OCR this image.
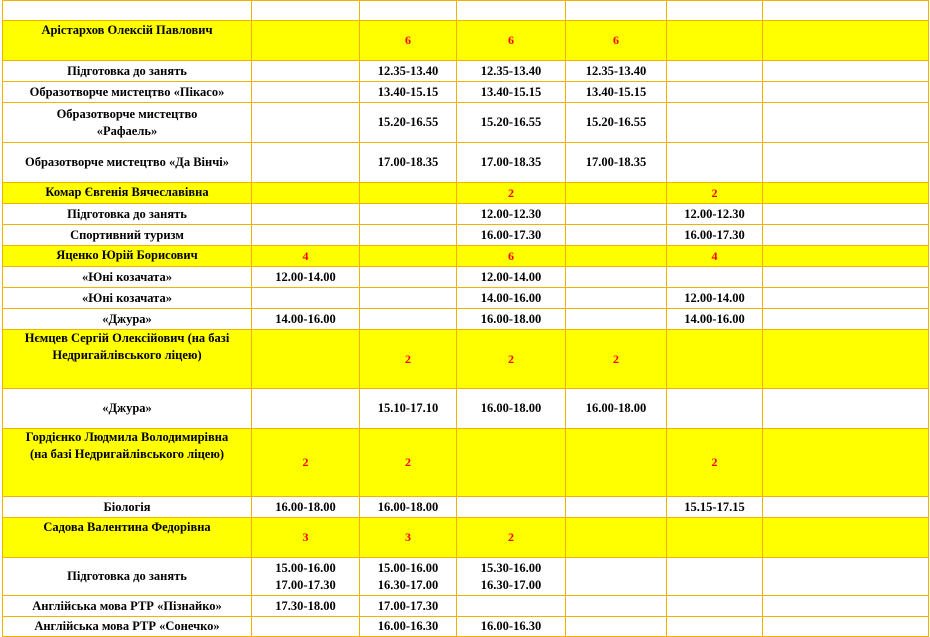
Арістархов Олексій Павлович		6	6	6		
Підготовка до занять		12.35-13.40	12.35-13.40	12.35-13.40		
Образотворче мистецтво «Пікасо»		13.40-15.15	13.40-15.15	13.40-15.15		
Образотворче мистецтво «Рафаель»		15.20-16.55	15.20-16.55	15.20-16.55		
Образотворче мистецтво «Да Вінчі»		17.00-18.35	17.00-18.35	17.00-18.35		
Комар Євгенія Вячеславівна			2		2	
Підготовка до занять			12.00-12.30		12.00-12.30	
Спортивний туризм			16.00-17.30		16.00-17.30	
Яценко Юрій Борисович	4		6		4	
«Юні козачата»	12.00-14.00		12.00-14.00			
«Юні козачата»			14.00-16.00		12.00-14.00	
«Джура»	14.00-16.00		16.00-18.00		14.00-16.00	
Нємцев Сергій Олексійович (на базі Недригайлівського ліцею)		2	2	2		
«Джура»		15.10-17.10	16.00-18.00	16.00-18.00		
Гордієнко Людмила Володимирівна (на базі Недригайлівського ліцею)	2	2			2	
Біологія	16.00-18.00	16.00-18.00			15.15-17.15	
Садова Валентина Федорівна	3	3	2			
Підготовка до занять	15.00-16.00 17.00-17.30	15.00-16.00 16.30-17.00	15.30-16.00 16.30-17.00			
Англійська мова РТР «Пізнайко»	17.30-18.00	17.00-17.30				
Англійська мова РТР «Сонечко»		16.00-16.30	16.00-16.30			
